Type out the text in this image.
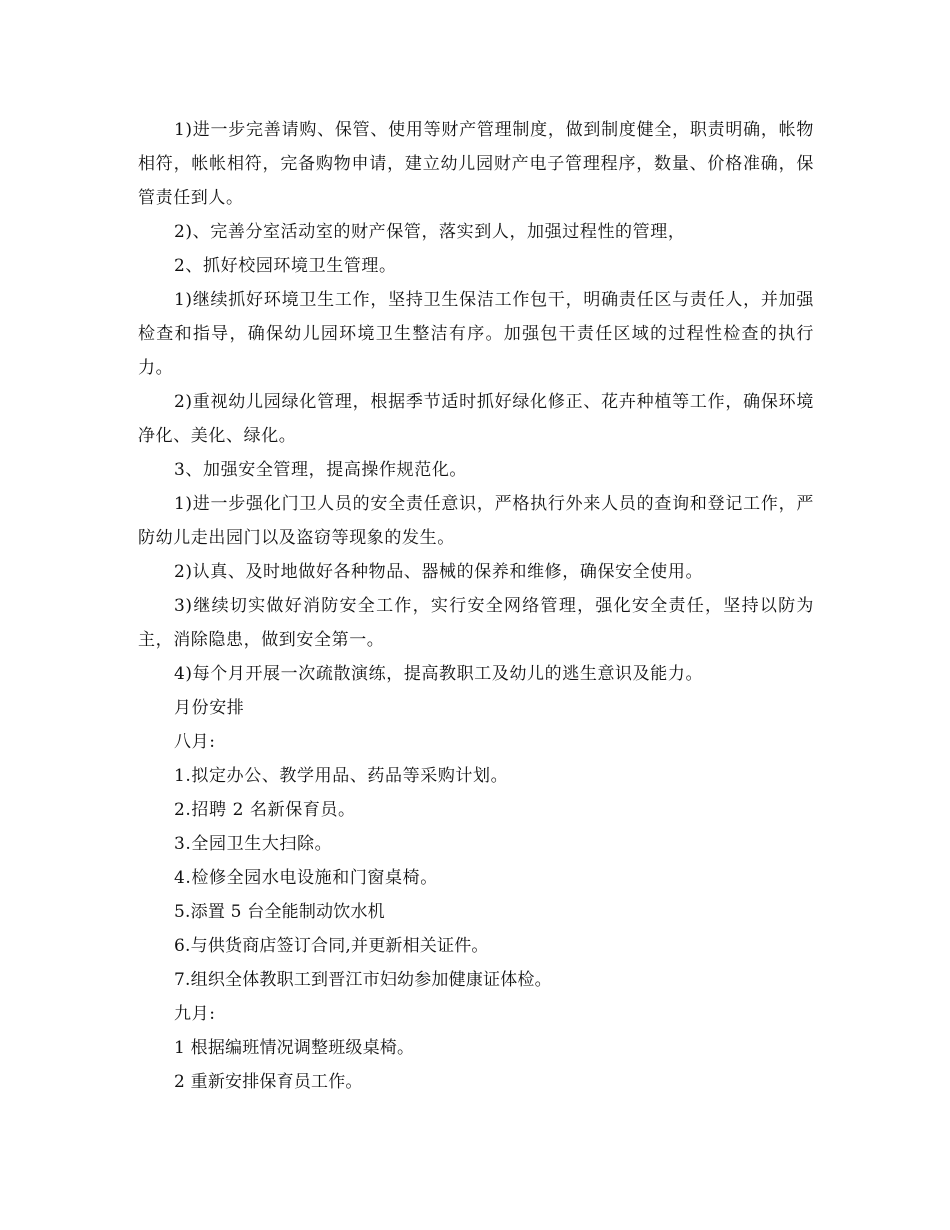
1)进一步完善请购、保管、使用等财产管理制度，做到制度健全，职责明确，帐物相符，帐帐相符，完备购物申请，建立幼儿园财产电子管理程序，数量、价格准确，保管责任到人。

2)、完善分室活动室的财产保管，落实到人，加强过程性的管理，

2、抓好校园环境卫生管理。

1)继续抓好环境卫生工作，坚持卫生保洁工作包干，明确责任区与责任人，并加强检查和指导，确保幼儿园环境卫生整洁有序。加强包干责任区域的过程性检查的执行力。

2)重视幼儿园绿化管理，根据季节适时抓好绿化修正、花卉种植等工作，确保环境净化、美化、绿化。

3、加强安全管理，提高操作规范化。

1)进一步强化门卫人员的安全责任意识，严格执行外来人员的查询和登记工作，严防幼儿走出园门以及盗窃等现象的发生。

2)认真、及时地做好各种物品、器械的保养和维修，确保安全使用。

3)继续切实做好消防安全工作，实行安全网络管理，强化安全责任，坚持以防为主，消除隐患，做到安全第一。

4)每个月开展一次疏散演练，提高教职工及幼儿的逃生意识及能力。

月份安排

八月:

1.拟定办公、教学用品、药品等采购计划。

2.招聘 2 名新保育员。

3.全园卫生大扫除。

4.检修全园水电设施和门窗桌椅。

5.添置 5 台全能制动饮水机

6.与供货商店签订合同,并更新相关证件。

7.组织全体教职工到晋江市妇幼参加健康证体检。

九月:

1 根据编班情况调整班级桌椅。

2 重新安排保育员工作。
